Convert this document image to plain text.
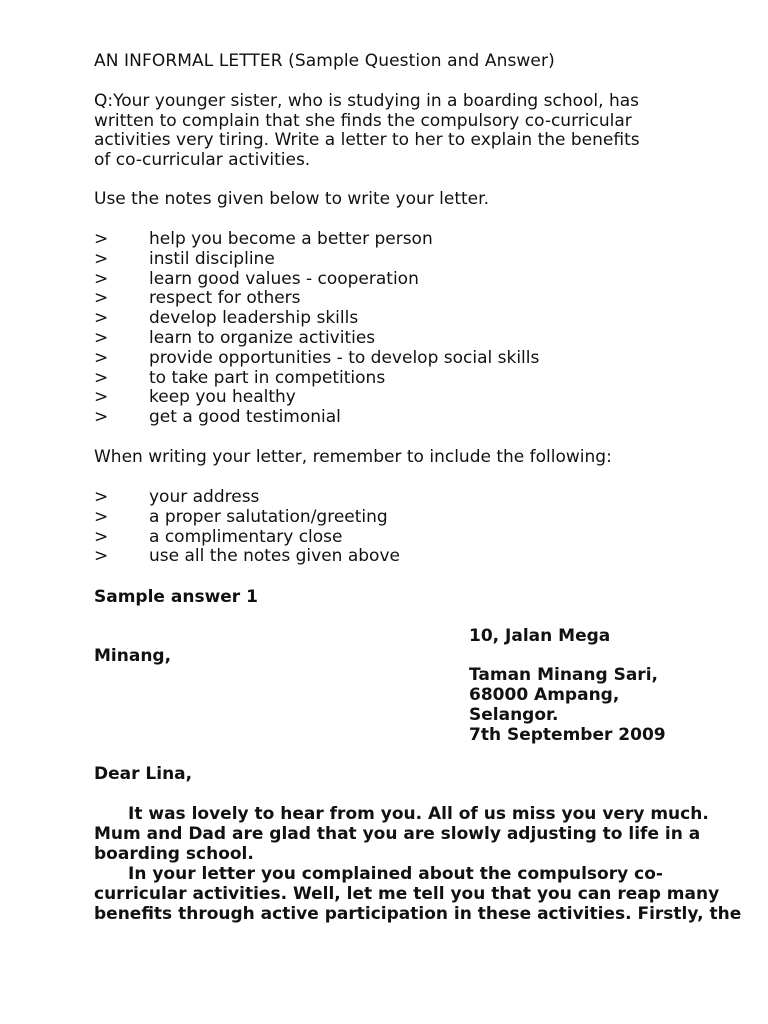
AN INFORMAL LETTER (Sample Question and Answer)
Q:Your younger sister, who is studying in a boarding school, has
written to complain that she finds the compulsory co-curricular
activities very tiring. Write a letter to her to explain the benefits
of co-curricular activities.
Use the notes given below to write your letter.
> help you become a better person
> instil discipline
> learn good values - cooperation
> respect for others
> develop leadership skills
> learn to organize activities
> provide opportunities - to develop social skills
> to take part in competitions
> keep you healthy
> get a good testimonial
When writing your letter, remember to include the following:
> your address
> a proper salutation/greeting
> a complimentary close
> use all the notes given above
Sample answer 1
10, Jalan Mega
Minang,
Taman Minang Sari,
68000 Ampang,
Selangor.
7th September 2009
Dear Lina,
It was lovely to hear from you. All of us miss you very much.
Mum and Dad are glad that you are slowly adjusting to life in a
boarding school.
In your letter you complained about the compulsory co-
curricular activities. Well, let me tell you that you can reap many
benefits through active participation in these activities. Firstly, the
